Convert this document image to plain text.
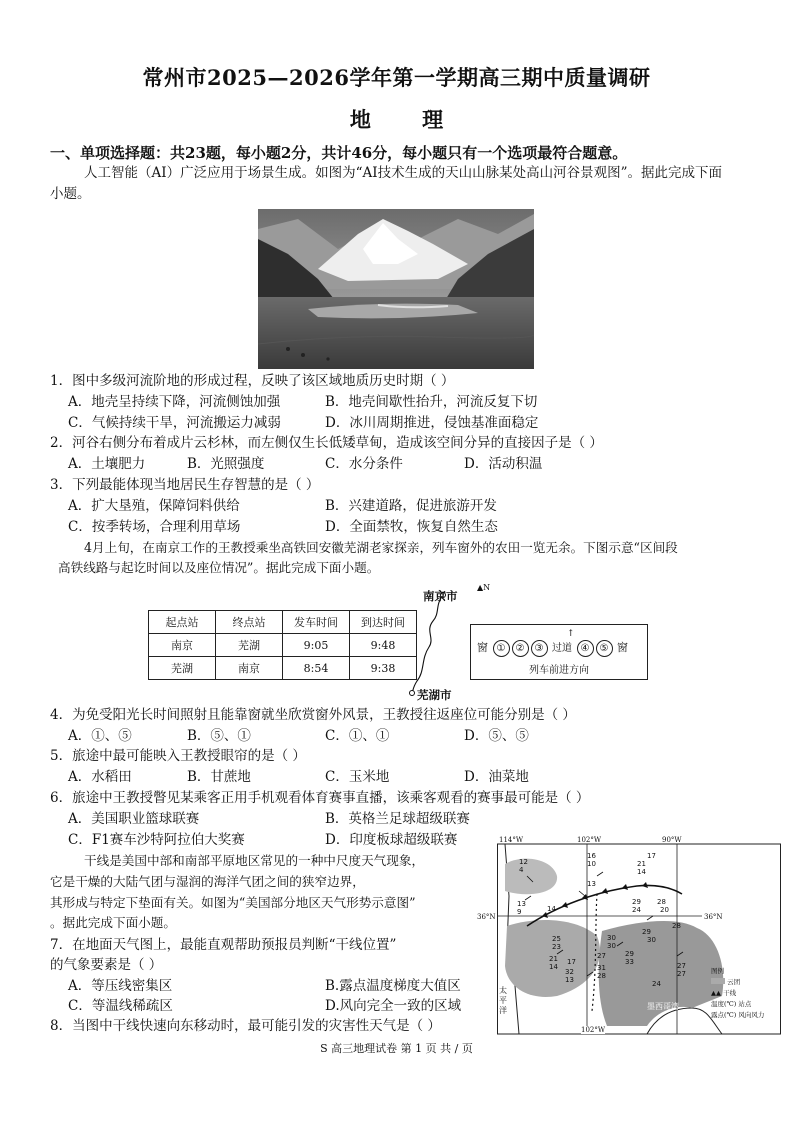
常州市2025—2026学年第一学期高三期中质量调研
地 理
一、单项选择题：共23题，每小题2分，共计46分，每小题只有一个选项最符合题意。
人工智能（AI）广泛应用于场景生成。如图为“AI技术生成的天山山脉某处高山河谷景观图”。据此完成下面
小题。
1．图中多级河流阶地的形成过程，反映了该区域地质历史时期（ ）
A．地壳呈持续下降，河流侧蚀加强	B．地壳间歇性抬升，河流反复下切
C．气候持续干旱，河流搬运力减弱	D．冰川周期推进，侵蚀基准面稳定
2．河谷右侧分布着成片云杉林，而左侧仅生长低矮草甸，造成该空间分异的直接因子是（ ）
A．土壤肥力	B．光照强度	C．水分条件	D．活动积温
3．下列最能体现当地居民生存智慧的是（ ）
A．扩大垦殖，保障饲料供给	B．兴建道路，促进旅游开发
C．按季转场，合理利用草场	D．全面禁牧，恢复自然生态
4月上旬，在南京工作的王教授乘坐高铁回安徽芜湖老家探亲，列车窗外的农田一览无余。下图示意“区间段
高铁线路与起讫时间以及座位情况”。据此完成下面小题。
起点站	终点站	发车时间	到达时间
南京	芜湖	9:05	9:48
芜湖	南京	8:54	9:38
南京市
芜湖市
▲N
窗 ① ② ③ 过道 ④ ⑤ 窗
↑
列车前进方向
4．为免受阳光长时间照射且能靠窗就坐欣赏窗外风景，王教授往返座位可能分别是（ ）
A．①、⑤	B．⑤、①	C．①、①	D．⑤、⑤
5．旅途中最可能映入王教授眼帘的是（ ）
A．水稻田	B．甘蔗地	C．玉米地	D．油菜地
6．旅途中王教授瞥见某乘客正用手机观看体育赛事直播，该乘客观看的赛事最可能是（ ）
A．美国职业篮球联赛	B．英格兰足球超级联赛
C．F1赛车沙特阿拉伯大奖赛	D．印度板球超级联赛
干线是美国中部和南部平原地区常见的一种中尺度天气现象，
它是干燥的大陆气团与湿润的海洋气团之间的狭窄边界，
其形成与特定下垫面有关。如图为“美国部分地区天气形势示意图”
。据此完成下面小题。
7．在地面天气图上，最能直观帮助预报员判断“干线位置”
的气象要素是（ ）
A．等压线密集区	B.露点温度梯度大值区
C．等温线稀疏区	D.风向完全一致的区域
8．当图中干线快速向东移动时，最可能引发的灾害性天气是（ ）
12
4
16
10
17
21
14
13
13
9	14
29
24
28
20
28
29
30
27
27
25
23
21
14
17
30
30
32
13
31
28
29
33
24
27
114°W	102°W	90°W
102°W
36°N	36°N
太平洋	墨西哥湾
图例
云团
▲▲ 干线
温度(℃) 站点
露点(℃) 风向风力
S 高三地理试卷 第 1 页 共 / 页
